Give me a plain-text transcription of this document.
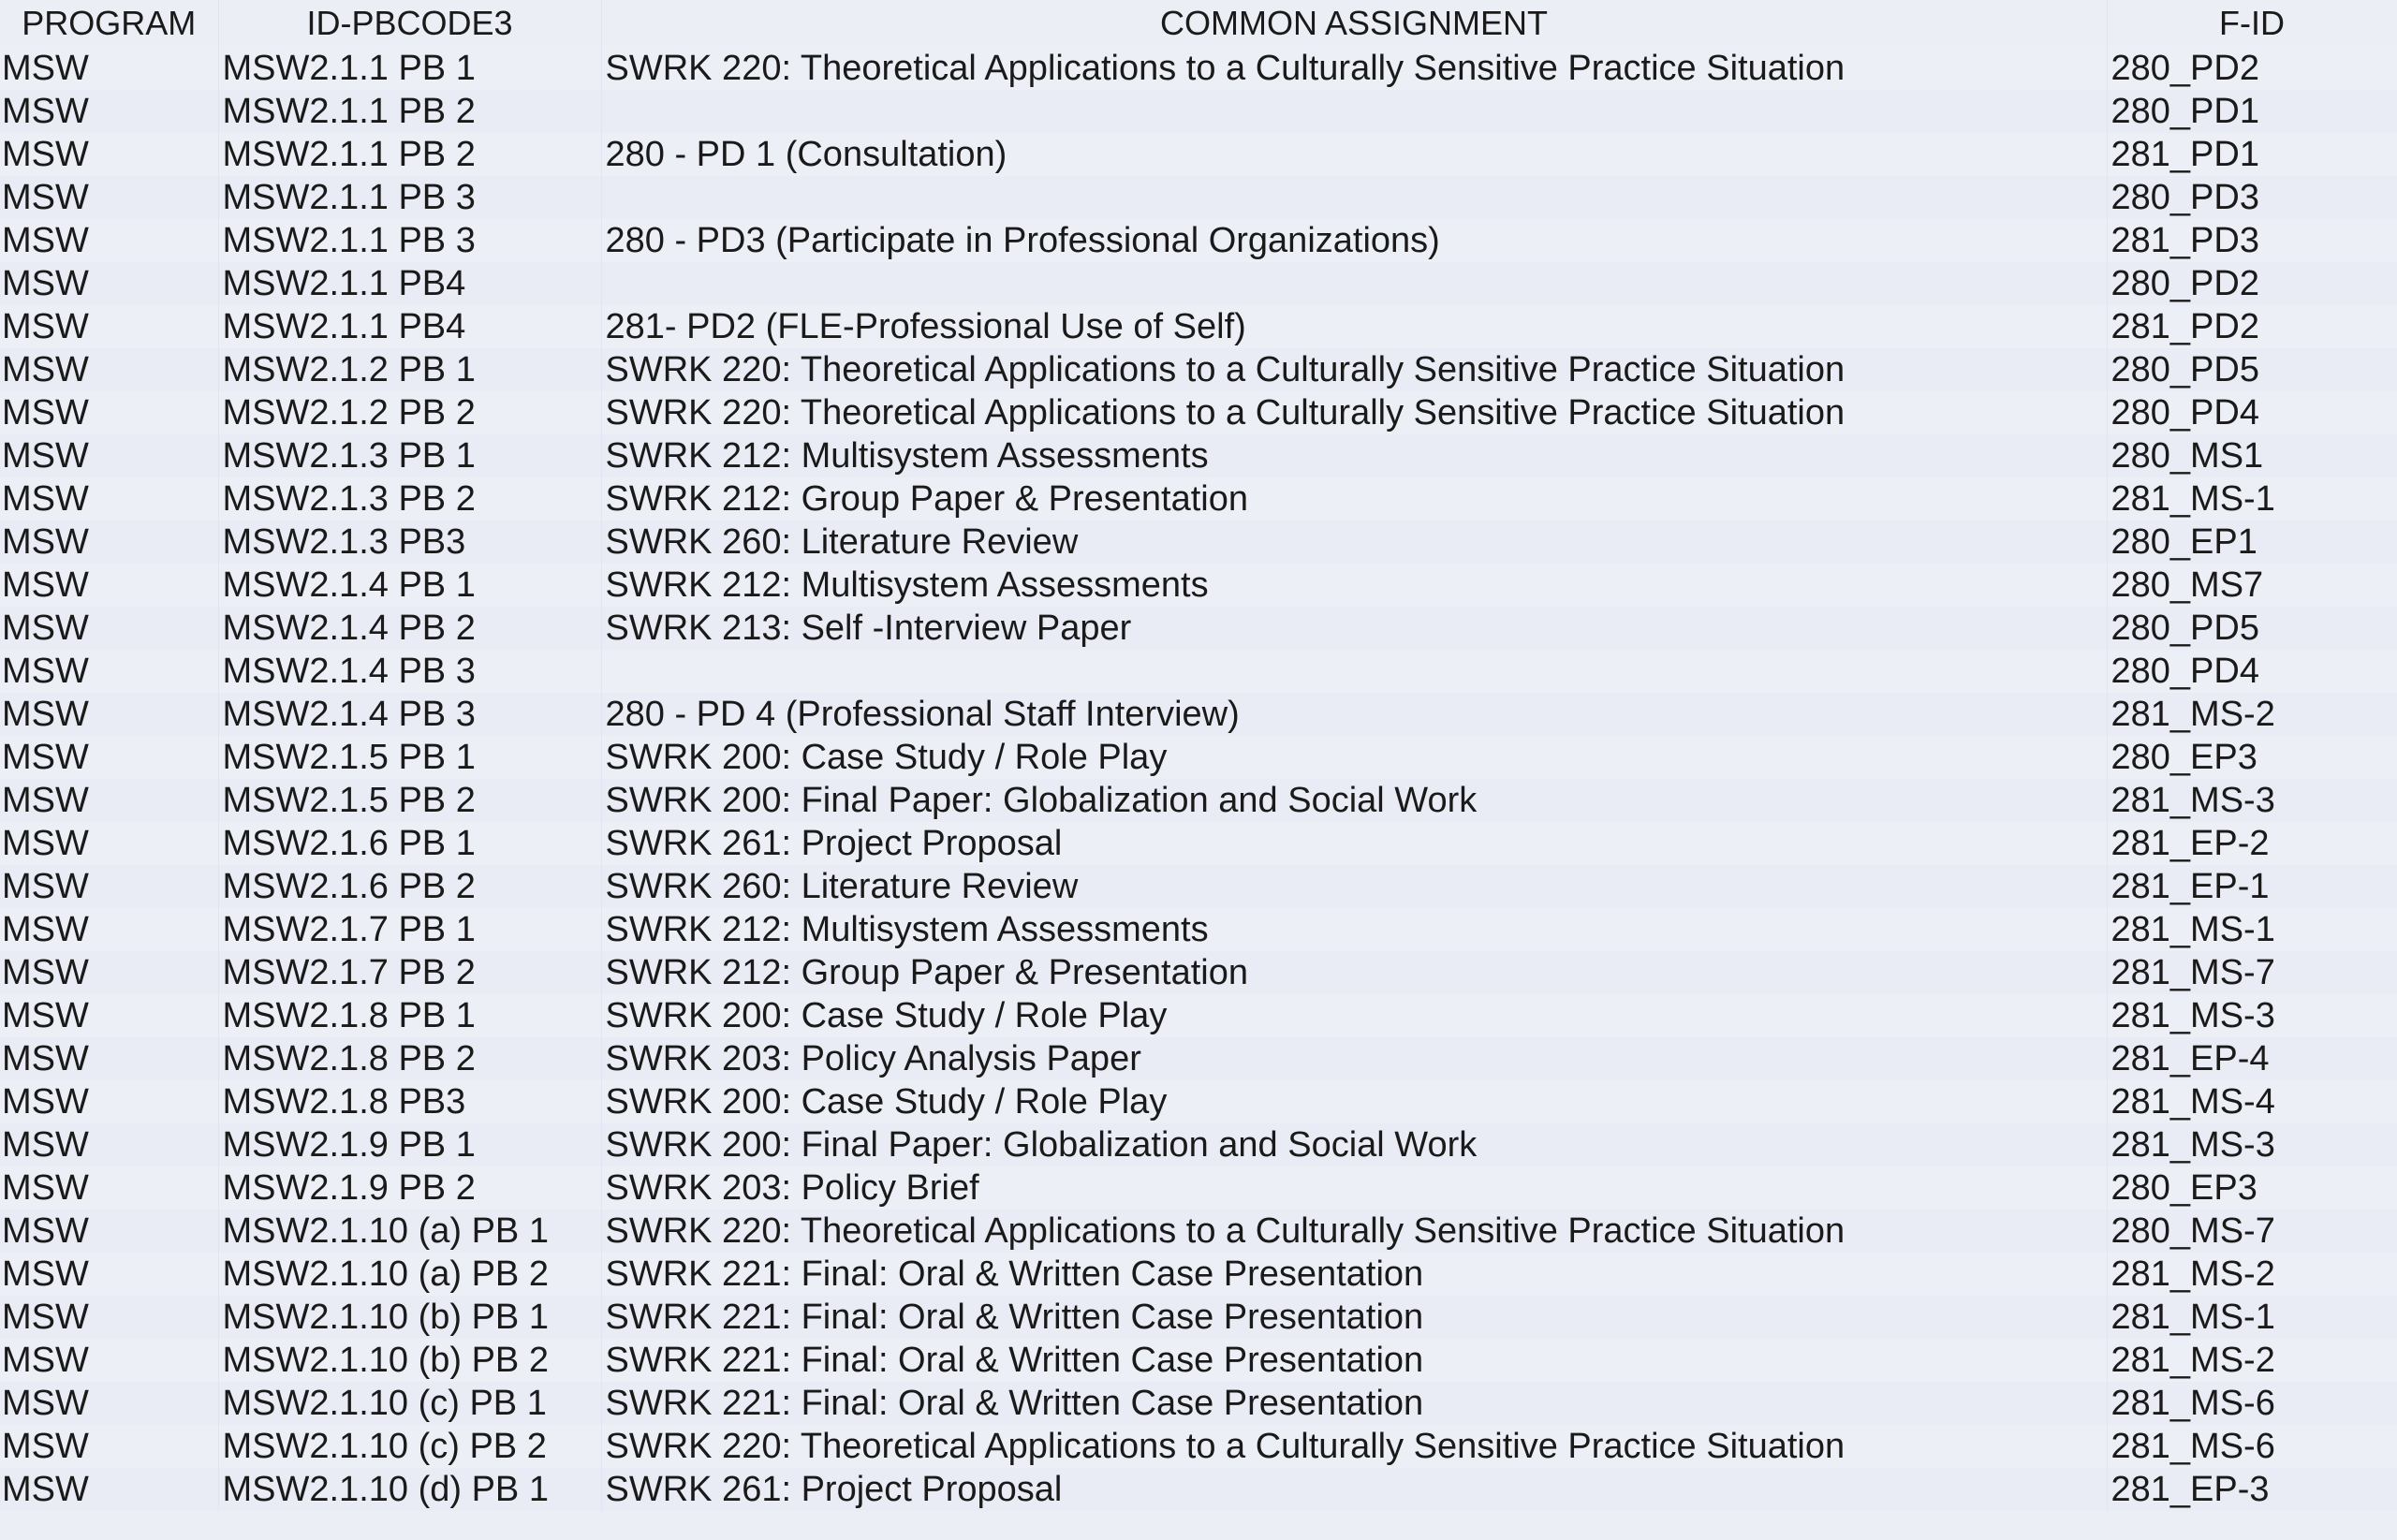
PROGRAM	ID-PBCODE3	COMMON ASSIGNMENT	F-ID
MSW	MSW2.1.1 PB 1	SWRK 220: Theoretical Applications to a Culturally Sensitive Practice Situation	280_PD2
MSW	MSW2.1.1 PB 2		280_PD1
MSW	MSW2.1.1 PB 2	280 - PD 1 (Consultation)	281_PD1
MSW	MSW2.1.1 PB 3		280_PD3
MSW	MSW2.1.1 PB 3	280 - PD3 (Participate in Professional Organizations)	281_PD3
MSW	MSW2.1.1 PB4		280_PD2
MSW	MSW2.1.1 PB4	281- PD2 (FLE-Professional Use of Self)	281_PD2
MSW	MSW2.1.2 PB 1	SWRK 220: Theoretical Applications to a Culturally Sensitive Practice Situation	280_PD5
MSW	MSW2.1.2 PB 2	SWRK 220: Theoretical Applications to a Culturally Sensitive Practice Situation	280_PD4
MSW	MSW2.1.3 PB 1	SWRK 212: Multisystem Assessments	280_MS1
MSW	MSW2.1.3 PB 2	SWRK 212: Group Paper & Presentation	281_MS-1
MSW	MSW2.1.3 PB3	SWRK 260: Literature Review	280_EP1
MSW	MSW2.1.4 PB 1	SWRK 212: Multisystem Assessments	280_MS7
MSW	MSW2.1.4 PB 2	SWRK 213: Self -Interview Paper	280_PD5
MSW	MSW2.1.4 PB 3		280_PD4
MSW	MSW2.1.4 PB 3	280 - PD 4 (Professional Staff Interview)	281_MS-2
MSW	MSW2.1.5 PB 1	SWRK 200: Case Study / Role Play	280_EP3
MSW	MSW2.1.5 PB 2	SWRK 200: Final Paper: Globalization and Social Work	281_MS-3
MSW	MSW2.1.6 PB 1	SWRK 261: Project Proposal	281_EP-2
MSW	MSW2.1.6 PB 2	SWRK 260: Literature Review	281_EP-1
MSW	MSW2.1.7 PB 1	SWRK 212: Multisystem Assessments	281_MS-1
MSW	MSW2.1.7 PB 2	SWRK 212: Group Paper & Presentation	281_MS-7
MSW	MSW2.1.8 PB 1	SWRK 200: Case Study / Role Play	281_MS-3
MSW	MSW2.1.8 PB 2	SWRK 203: Policy Analysis Paper	281_EP-4
MSW	MSW2.1.8 PB3	SWRK 200: Case Study / Role Play	281_MS-4
MSW	MSW2.1.9 PB 1	SWRK 200: Final Paper: Globalization and Social Work	281_MS-3
MSW	MSW2.1.9 PB 2	SWRK 203: Policy Brief	280_EP3
MSW	MSW2.1.10 (a) PB 1	SWRK 220: Theoretical Applications to a Culturally Sensitive Practice Situation	280_MS-7
MSW	MSW2.1.10 (a) PB 2	SWRK 221: Final: Oral & Written Case Presentation	281_MS-2
MSW	MSW2.1.10 (b) PB 1	SWRK 221: Final: Oral & Written Case Presentation	281_MS-1
MSW	MSW2.1.10 (b) PB 2	SWRK 221: Final: Oral & Written Case Presentation	281_MS-2
MSW	MSW2.1.10 (c) PB 1	SWRK 221: Final: Oral & Written Case Presentation	281_MS-6
MSW	MSW2.1.10 (c) PB 2	SWRK 220: Theoretical Applications to a Culturally Sensitive Practice Situation	281_MS-6
MSW	MSW2.1.10 (d) PB 1	SWRK 261: Project Proposal	281_EP-3
